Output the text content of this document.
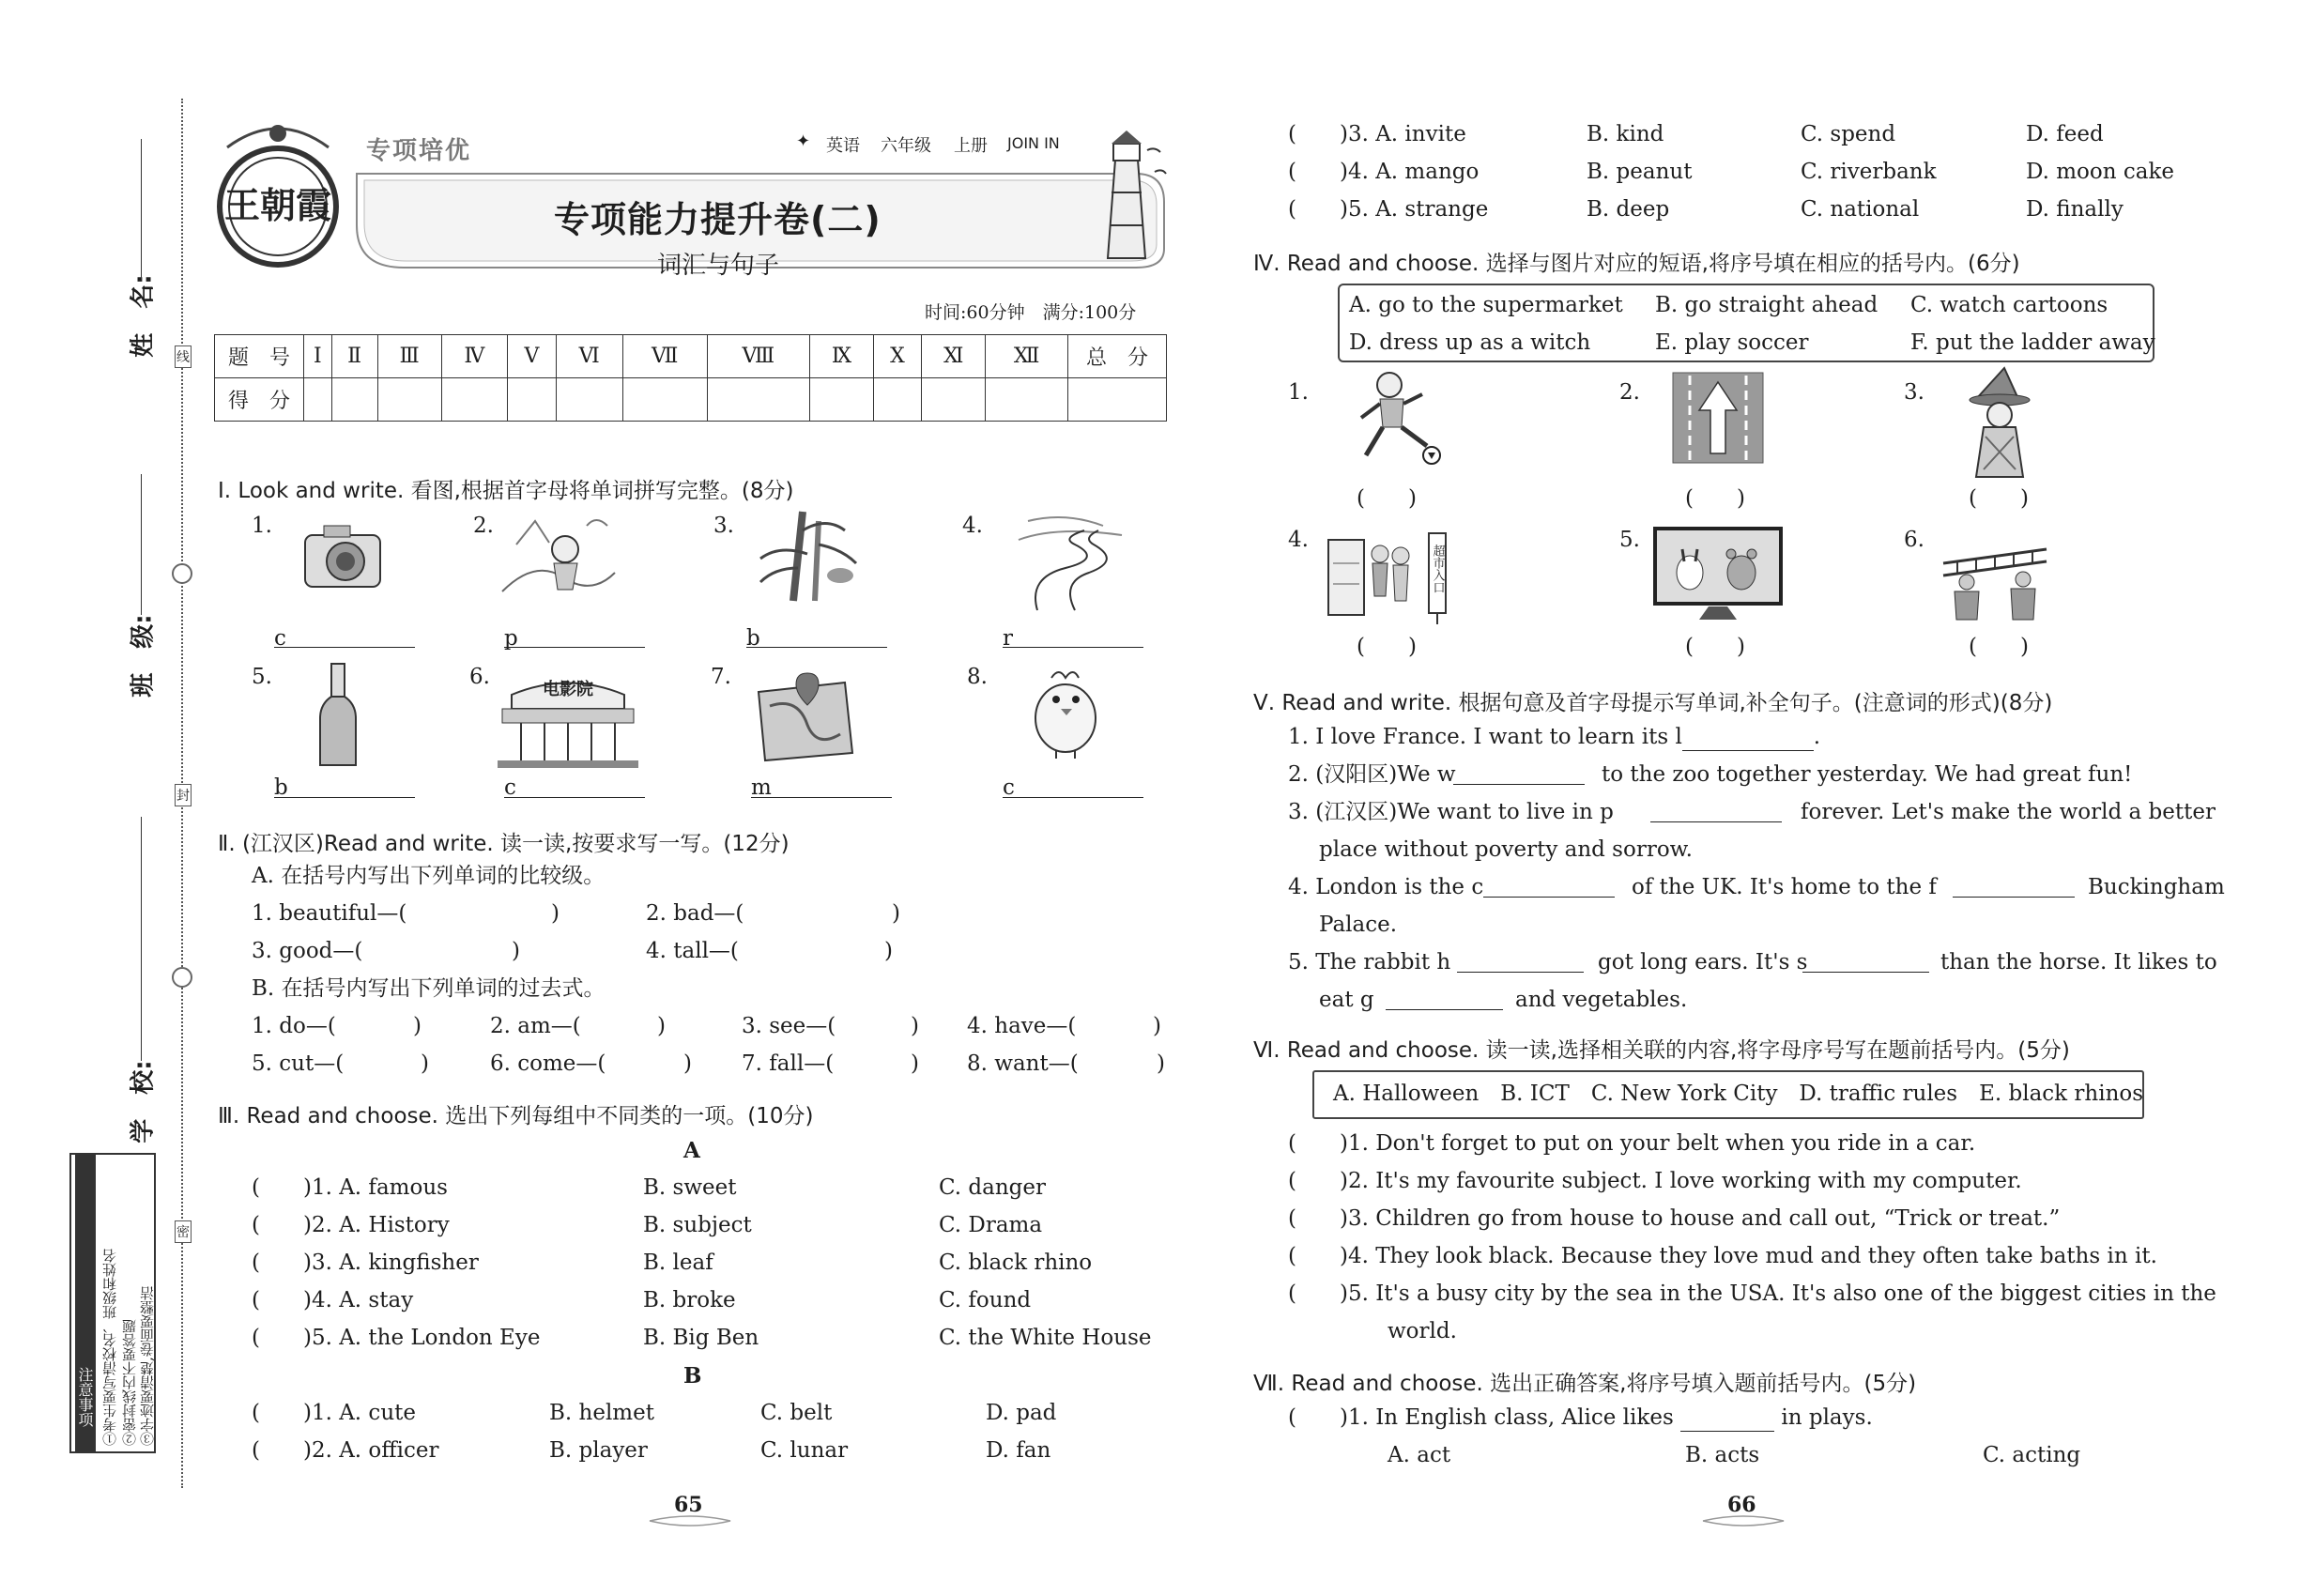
姓　名:
班　级:
学　校:
线
封
密
注意事项 ①考生要写清校名、班级和姓名 ②密封线内不要答题 ③字迹要清楚,卷面要整洁
王朝霞
专项培优	✦ 英语 六年级 上册 JOIN IN
专项能力提升卷(二)
词汇与句子
时间:60分钟　满分:100分
题　号	Ⅰ	Ⅱ	Ⅲ	Ⅳ	Ⅴ	Ⅵ	Ⅶ	Ⅷ	Ⅸ	Ⅹ	Ⅺ	Ⅻ	总　分
得　分													
Ⅰ. Look and write. 看图,根据首字母将单词拼写完整。(8分)
1.	2.	3.	4.
c	p	b	r
5.	6.	7.	8.
电影院
b	c	m	c
Ⅱ. (江汉区)Read and write. 读一读,按要求写一写。(12分)
A. 在括号内写出下列单词的比较级。
1. beautiful—(	)	2. bad—(	)
3. good—(	)	4. tall—(	)
B. 在括号内写出下列单词的过去式。
1. do—(	)	2. am—(	)	3. see—(	) 4. have—(	)
5. cut—(	)	6. come—(	) 7. fall—(	) 8. want—(	)
Ⅲ. Read and choose. 选出下列每组中不同类的一项。(10分)
A
(　　)1. A. famous	B. sweet	C. danger
(　　)2. A. History	B. subject	C. Drama
(　　)3. A. kingfisher	B. leaf	C. black rhino
(　　)4. A. stay	B. broke	C. found
(　　)5. A. the London Eye	B. Big Ben	C. the White House
B
(　　)1. A. cute	B. helmet	C. belt	D. pad
(　　)2. A. officer	B. player	C. lunar	D. fan
65
(　　)3. A. invite	B. kind	C. spend	D. feed
(　　)4. A. mango	B. peanut	C. riverbank	D. moon cake
(　　)5. A. strange	B. deep	C. national	D. finally
Ⅳ. Read and choose. 选择与图片对应的短语,将序号填在相应的括号内。(6分)
A. go to the supermarket B. go straight ahead C. watch cartoons
D. dress up as a witch	E. play soccer	F. put the ladder away
1.	2.	3.
(　　)	(　　)	(　　)
4.	5.	6.
超市入口
(　　)	(　　)	(　　)
Ⅴ. Read and write. 根据句意及首字母提示写单词,补全句子。(注意词的形式)(8分)
1. I love France. I want to learn its l	.
2. (汉阳区)We w	to the zoo together yesterday. We had great fun!
3. (江汉区)We want to live in p	forever. Let's make the world a better
place without poverty and sorrow.
4. London is the c	of the UK. It's home to the f	Buckingham
Palace.
5. The rabbit h	got long ears. It's s	than the horse. It likes to
eat g	and vegetables.
Ⅵ. Read and choose. 读一读,选择相关联的内容,将字母序号写在题前括号内。(5分)
A. Halloween　B. ICT　C. New York City　D. traffic rules　E. black rhinos
(　　)1. Don't forget to put on your belt when you ride in a car.
(　　)2. It's my favourite subject. I love working with my computer.
(　　)3. Children go from house to house and call out, “Trick or treat.”
(　　)4. They look black. Because they love mud and they often take baths in it.
(　　)5. It's a busy city by the sea in the USA. It's also one of the biggest cities in the
world.
Ⅶ. Read and choose. 选出正确答案,将序号填入题前括号内。(5分)
(　　)1. In English class, Alice likes	in plays.
A. act	B. acts	C. acting
66
